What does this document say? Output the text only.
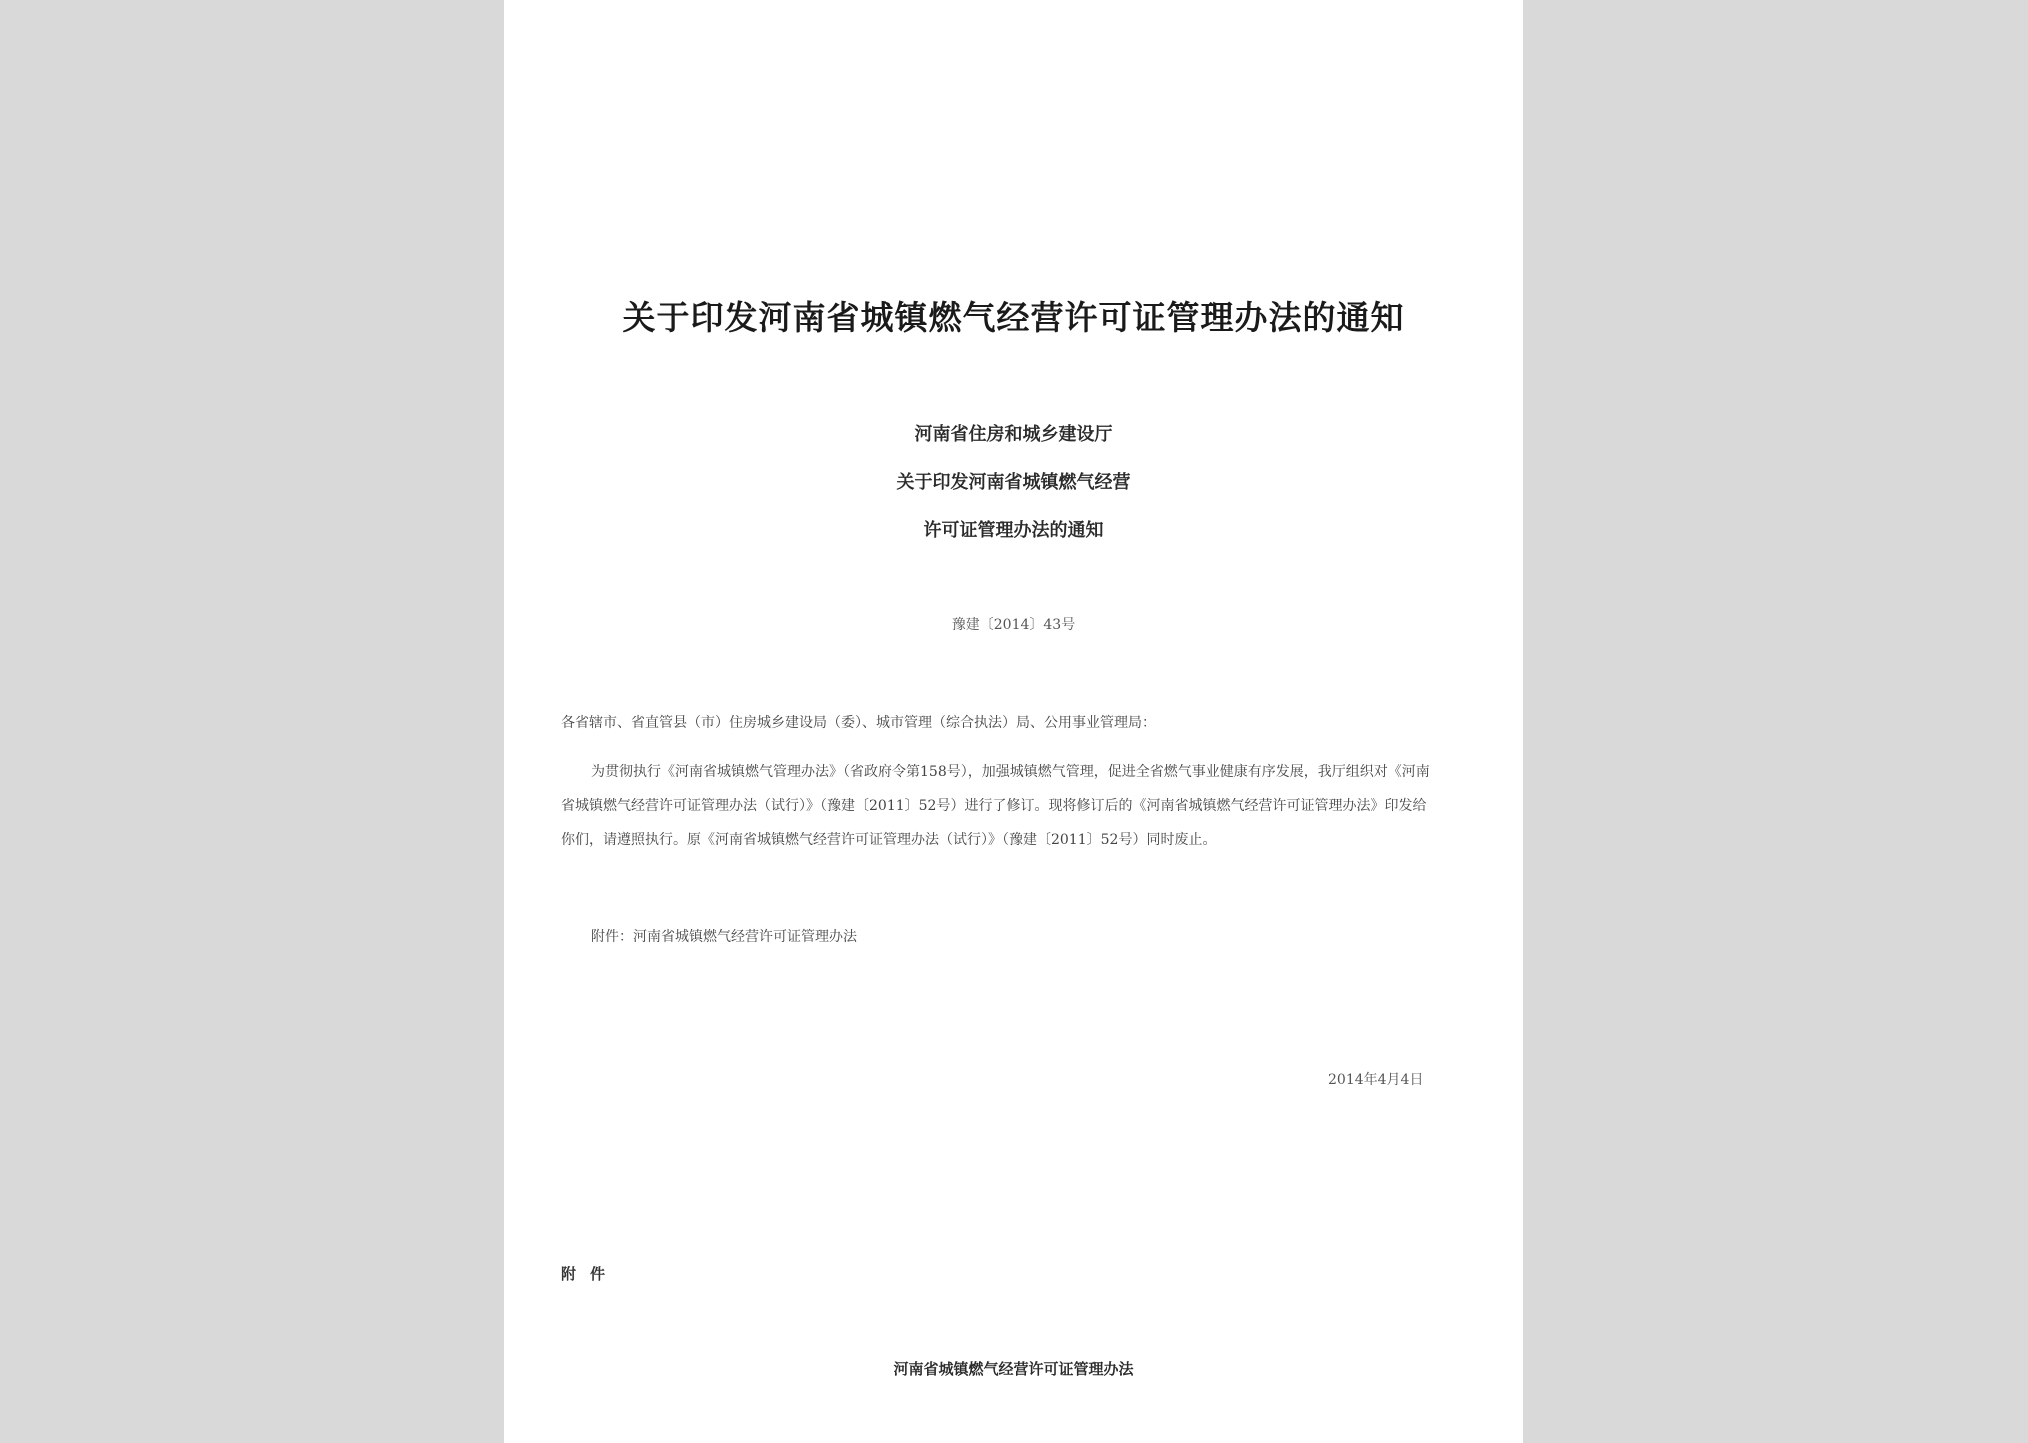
关于印发河南省城镇燃气经营许可证管理办法的通知
河南省住房和城乡建设厅
关于印发河南省城镇燃气经营
许可证管理办法的通知
豫建〔2014〕43号
各省辖市、省直管县（市）住房城乡建设局（委）、城市管理（综合执法）局、公用事业管理局：
为贯彻执行《河南省城镇燃气管理办法》（省政府令第158号），加强城镇燃气管理，促进全省燃气事业健康有序发展，我厅组织对《河南
省城镇燃气经营许可证管理办法（试行）》（豫建〔2011〕52号）进行了修订。现将修订后的《河南省城镇燃气经营许可证管理办法》印发给
你们，请遵照执行。原《河南省城镇燃气经营许可证管理办法（试行）》（豫建〔2011〕52号）同时废止。
附件：河南省城镇燃气经营许可证管理办法
2014年4月4日
附件
河南省城镇燃气经营许可证管理办法
